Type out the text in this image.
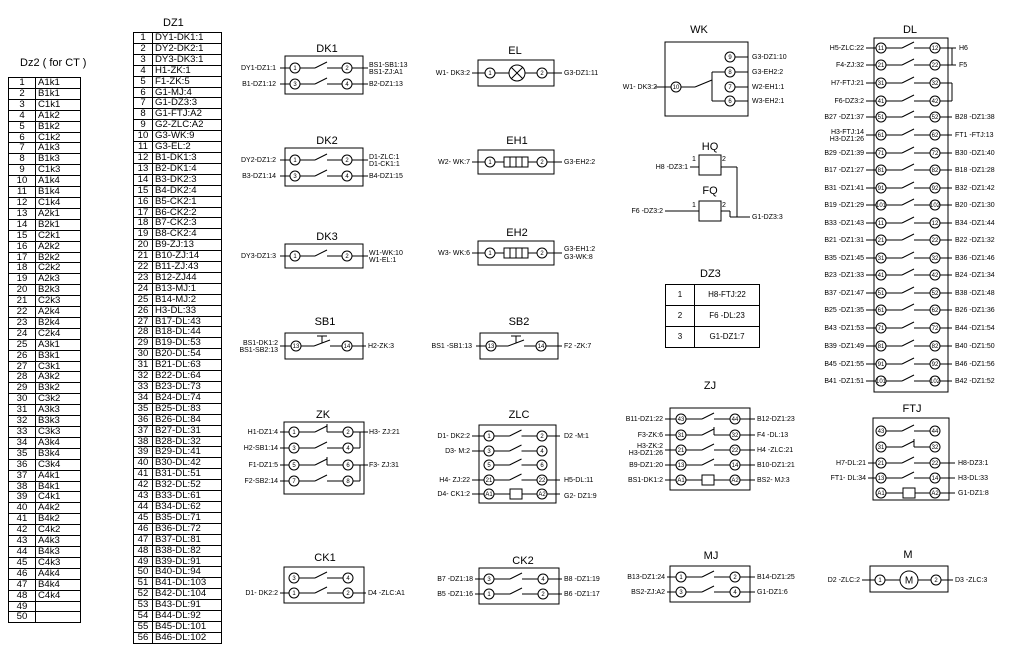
Dz2 ( for CT )
1	A1k1
2	B1k1
3	C1k1
4	A1k2
5	B1k2
6	C1k2
7	A1k3
8	B1k3
9	C1k3
10	A1k4
11	B1k4
12	C1k4
13	A2k1
14	B2k1
15	C2k1
16	A2k2
17	B2k2
18	C2k2
19	A2k3
20	B2k3
21	C2k3
22	A2k4
23	B2k4
24	C2k4
25	A3k1
26	B3k1
27	C3k1
28	A3k2
29	B3k2
30	C3k2
31	A3k3
32	B3k3
33	C3k3
34	A3k4
35	B3k4
36	C3k4
37	A4k1
38	B4k1
39	C4k1
40	A4k2
41	B4k2
42	C4k2
43	A4k3
44	B4k3
45	C4k3
46	A4k4
47	B4k4
48	C4k4
49	
50	
DZ1
1	DY1-DK1:1
2	DY2-DK2:1
3	DY3-DK3:1
4	H1-ZK:1
5	F1-ZK:5
6	G1-MJ:4
7	G1-DZ3:3
8	G1-FTJ:A2
9	G2-ZLC:A2
10	G3-WK:9
11	G3-EL:2
12	B1-DK1:3
13	B2-DK1:4
14	B3-DK2:3
15	B4-DK2:4
16	B5-CK2:1
17	B6-CK2:2
18	B7-CK2:3
19	B8-CK2:4
20	B9-ZJ:13
21	B10-ZJ:14
22	B11-ZJ:43
23	B12-ZJ44
24	B13-MJ:1
25	B14-MJ:2
26	H3-DL:33
27	B17-DL:43
28	B18-DL:44
29	B19-DL:53
30	B20-DL:54
31	B21-DL:63
32	B22-DL:64
33	B23-DL:73
34	B24-DL:74
35	B25-DL:83
36	B26-DL:84
37	B27-DL:31
38	B28-DL:32
39	B29-DL:41
40	B30-DL:42
41	B31-DL:51
42	B32-DL:52
43	B33-DL:61
44	B34-DL:62
45	B35-DL:71
46	B36-DL:72
47	B37-DL:81
48	B38-DL:82
49	B39-DL:91
50	B40-DL:94
51	B41-DL:103
52	B42-DL:104
53	B43-DL:91
54	B44-DL:92
55	B45-DL:101
56	B46-DL:102
DZ3
1	H8-FTJ:22
2	F6 -DL:23
3	G1-DZ1:7
DK1
1	2
3	4
DY1-DZ1:1
B1-DZ1:12
BS1-SB1:13
BS1-ZJ:A1
B2-DZ1:13
DK2
1	2
3	4
DY2-DZ1:2
B3-DZ1:14
D1-ZLC:1
D1-CK1:1
B4-DZ1:15
DK3
1	2
DY3-DZ1:3	W1-WK:10
W1-EL:1
SB1
13	14
BS1-DK1:2
BS1-SB2:13
H2-ZK:3
SB2
13	14
BS1 -SB1:13	F2 -ZK:7
EL
1	2
W1- DK3:2	G3-DZ1:11
EH1
1	2
W2- WK:7	G3-EH2:2
EH2
1	2
W3- WK:6
G3-EH1:2
G3-WK:8
WK
9
8
7
6
10
W1- DK3:2
G3-DZ1:10
G3-EH2:2
W2-EH1:1
W3-EH2:1
HQ
1	2
H8 -DZ3:1
FQ
1	2
F6 -DZ3:2
G1-DZ3:3
ZK
1	2
3	4
5	6
7	8
H1-DZ1:4
H2-SB1:14
F1-DZ1:5
F2-SB2:14
H3- ZJ:21
F3- ZJ:31
ZLC
1	2
3	4
5	6
21	22
A1	A2
D1- DK2:2
D3- M:2
H4- ZJ:22
D4- CK1:2
D2 -M:1
H5-DL:11
G2- DZ1:9
ZJ
43	44
31	32
21	22
13	14
A1	A2
B11-DZ1:22
F3-ZK:6
H3-ZK:2
H3-DZ1:26
B9-DZ1:20
BS1-DK1:2
B12-DZ1:23
F4 -DL:13
H4 -ZLC:21
B10-DZ1:21
BS2- MJ:3
FTJ
43	44
31	32
21	22
13	14
A1	A2
H7-DL:21
FT1- DL:34
H8-DZ3:1
H3-DL:33
G1-DZ1:8
CK1
3	4
1	2
D1- DK2:2	D4 -ZLC:A1
CK2
3	4
1	2
B7 -DZ1:18
B5 -DZ1:16
B8 -DZ1:19
B6 -DZ1:17
MJ
1	2
3	4
B13-DZ1:24
BS2-ZJ:A2
B14-DZ1:25
G1-DZ1:6
M
1	2
M
D2 -ZLC:2	D3 -ZLC:3
DL
11	12
H5-ZLC:22
21	22
F4-ZJ:32
31	32
H7-FTJ:21
41	42
F6-DZ3:2
H6
F5
51	52
B27 -DZ1:37	B28 -DZ1:38
61	62
H3-FTJ:14
H3-DZ1:26
FT1 -FTJ:13
71	72
B29 -DZ1:39	B30 -DZ1:40
81	82
B17 -DZ1:27	B18 -DZ1:28
91	92
B31 -DZ1:41	B32 -DZ1:42
101	102
B19 -DZ1:29	B20 -DZ1:30
11	12
B33 -DZ1:43	B34 -DZ1:44
21	22
B21 -DZ1:31	B22 -DZ1:32
31	32
B35 -DZ1:45	B36 -DZ1:46
41	42
B23 -DZ1:33	B24 -DZ1:34
51	52
B37 -DZ1:47	B38 -DZ1:48
61	62
B25 -DZ1:35	B26 -DZ1:36
71	72
B43 -DZ1:53	B44 -DZ1:54
81	82
B39 -DZ1:49	B40 -DZ1:50
91	92
B45 -DZ1:55	B46 -DZ1:56
101	102
B41 -DZ1:51	B42 -DZ1:52
